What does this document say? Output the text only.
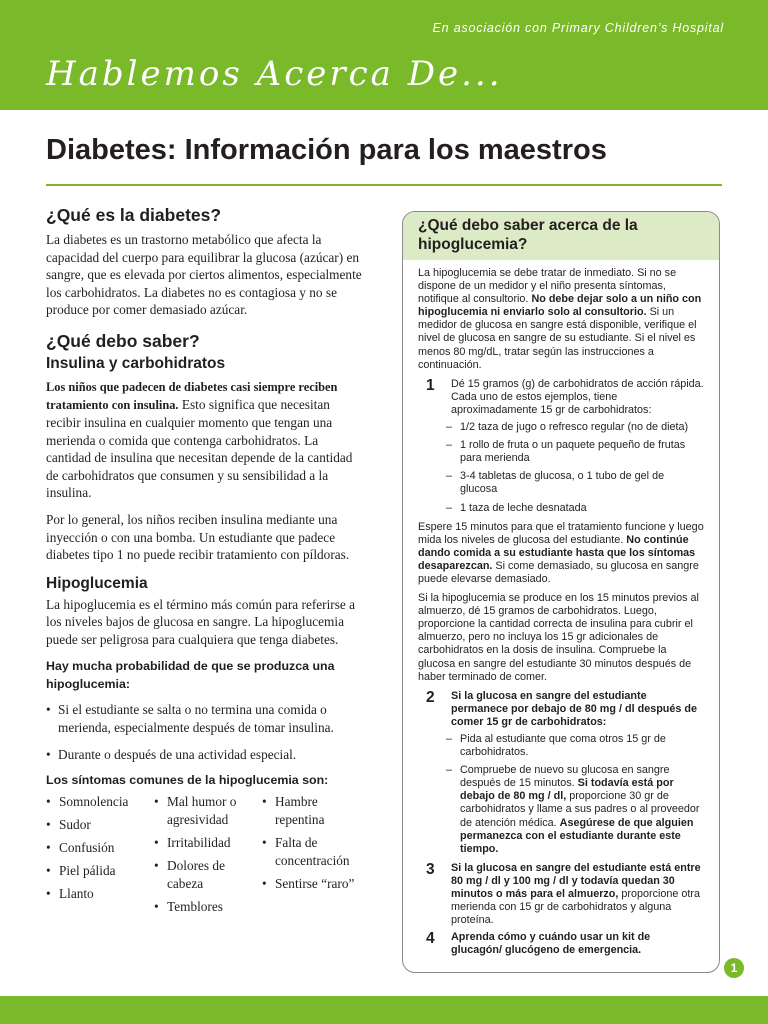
En asociación con Primary Children’s Hospital
Hablemos Acerca De...
Diabetes: Información para los maestros
¿Qué es la diabetes?

La diabetes es un trastorno metabólico que afecta la capacidad del cuerpo para equilibrar la glucosa (azúcar) en sangre, que es elevada por ciertos alimentos, especialmente los carbohidratos. La diabetes no es contagiosa y no se produce por comer demasiado azúcar.

¿Qué debo saber?
Insulina y carbohidratos

Los niños que padecen de diabetes casi siempre reciben tratamiento con insulina. Esto significa que necesitan recibir insulina en cualquier momento que tengan una merienda o comida que contenga carbohidratos. La cantidad de insulina que necesitan depende de la cantidad de carbohidratos que consumen y su sensibilidad a la insulina.

Por lo general, los niños reciben insulina mediante una inyección o con una bomba. Un estudiante que padece diabetes tipo 1 no puede recibir tratamiento con píldoras.

Hipoglucemia

La hipoglucemia es el término más común para referirse a los niveles bajos de glucosa en sangre. La hipoglucemia puede ser peligrosa para cualquiera que tenga diabetes.

Hay mucha probabilidad de que se produzca una hipoglucemia:

• Si el estudiante se salta o no termina una comida o merienda, especialmente después de tomar insulina.
• Durante o después de una actividad especial.

Los síntomas comunes de la hipoglucemia son:

• Somnolencia
• Sudor
• Confusión
• Piel pálida
• Llanto
• Mal humor o agresividad
• Irritabilidad
• Dolores de cabeza
• Temblores
• Hambre repentina
• Falta de concentración
• Sentirse “raro”
¿Qué debo saber acerca de la hipoglucemia?

La hipoglucemia se debe tratar de inmediato. Si no se dispone de un medidor y el niño presenta síntomas, notifique al consultorio. No debe dejar solo a un niño con hipoglucemia ni enviarlo solo al consultorio. Si un medidor de glucosa en sangre está disponible, verifique el nivel de glucosa en sangre de su estudiante. Si el nivel es menos 80 mg/dL, tratar según las instrucciones a continuación.

1	Dé 15 gramos (g) de carbohidratos de acción rápida. Cada uno de estos ejemplos, tiene aproximadamente 15 gr de carbohidratos:
– 1/2 taza de jugo o refresco regular (no de dieta)
– 1 rollo de fruta o un paquete pequeño de frutas para merienda
– 3-4 tabletas de glucosa, o 1 tubo de gel de glucosa
– 1 taza de leche desnatada

Espere 15 minutos para que el tratamiento funcione y luego mida los niveles de glucosa del estudiante. No continúe dando comida a su estudiante hasta que los síntomas desaparezcan. Si come demasiado, su glucosa en sangre puede elevarse demasiado.

Si la hipoglucemia se produce en los 15 minutos previos al almuerzo, dé 15 gramos de carbohidratos. Luego, proporcione la cantidad correcta de insulina para cubrir el almuerzo, pero no incluya los 15 gr adicionales de carbohidratos en la dosis de insulina. Compruebe la glucosa en sangre del estudiante 30 minutos después de haber terminado de comer.

2	Si la glucosa en sangre del estudiante permanece por debajo de 80 mg / dl después de comer 15 gr de carbohidratos:
– Pida al estudiante que coma otros 15 gr de carbohidratos.
– Compruebe de nuevo su glucosa en sangre después de 15 minutos. Si todavía está por debajo de 80 mg / dl, proporcione 30 gr de carbohidratos y llame a sus padres o al proveedor de atención médica. Asegúrese de que alguien permanezca con el estudiante durante este tiempo.
3	Si la glucosa en sangre del estudiante está entre 80 mg / dl y 100 mg / dl y todavía quedan 30 minutos o más para el almuerzo, proporcione otra merienda con 15 gr de carbohidratos y alguna proteína.
4	Aprenda cómo y cuándo usar un kit de glucagón/ glucógeno de emergencia.
1
